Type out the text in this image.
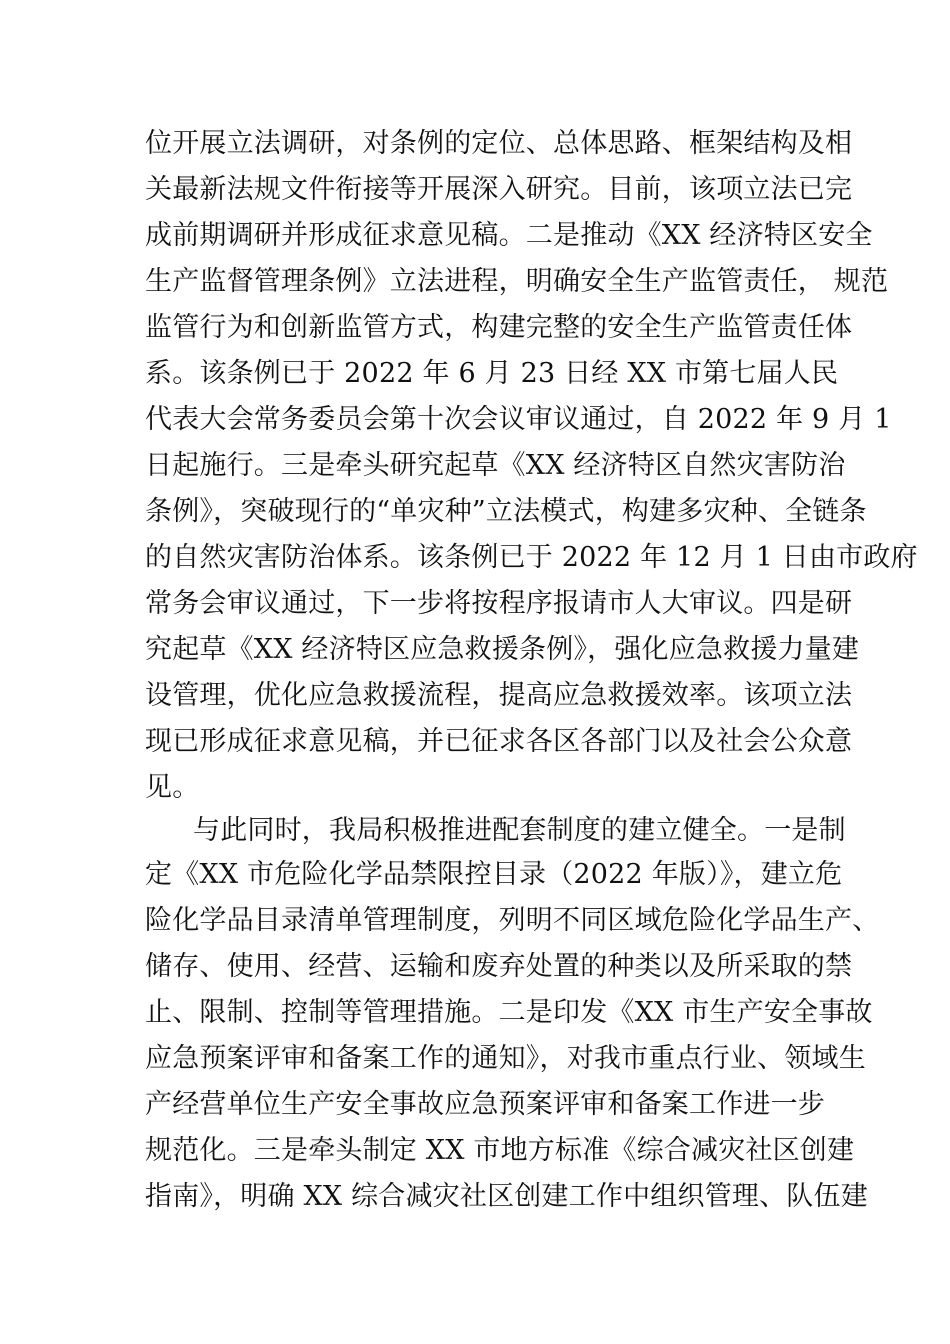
位开展立法调研，对条例的定位、总体思路、框架结构及相
关最新法规文件衔接等开展深入研究。目前，该项立法已完
成前期调研并形成征求意见稿。二是推动《XX 经济特区安全
生产监督管理条例》立法进程，明确安全生产监管责任， 规范
监管行为和创新监管方式，构建完整的安全生产监管责任体
系。该条例已于 2022 年 6 月 23 日经 XX 市第七届人民
代表大会常务委员会第十次会议审议通过，自 2022 年 9 月 1
日起施行。三是牵头研究起草《XX 经济特区自然灾害防治
条例》，突破现行的“单灾种”立法模式，构建多灾种、全链条
的自然灾害防治体系。该条例已于 2022 年 12 月 1 日由市政府
常务会审议通过，下一步将按程序报请市人大审议。四是研
究起草《XX 经济特区应急救援条例》，强化应急救援力量建
设管理，优化应急救援流程，提高应急救援效率。该项立法
现已形成征求意见稿，并已征求各区各部门以及社会公众意
见。
与此同时，我局积极推进配套制度的建立健全。一是制
定《XX 市危险化学品禁限控目录（2022 年版）》，建立危
险化学品目录清单管理制度，列明不同区域危险化学品生产、
储存、使用、经营、运输和废弃处置的种类以及所采取的禁
止、限制、控制等管理措施。二是印发《XX 市生产安全事故
应急预案评审和备案工作的通知》，对我市重点行业、领域生
产经营单位生产安全事故应急预案评审和备案工作进一步
规范化。三是牵头制定 XX 市地方标准《综合减灾社区创建
指南》，明确 XX 综合减灾社区创建工作中组织管理、队伍建
